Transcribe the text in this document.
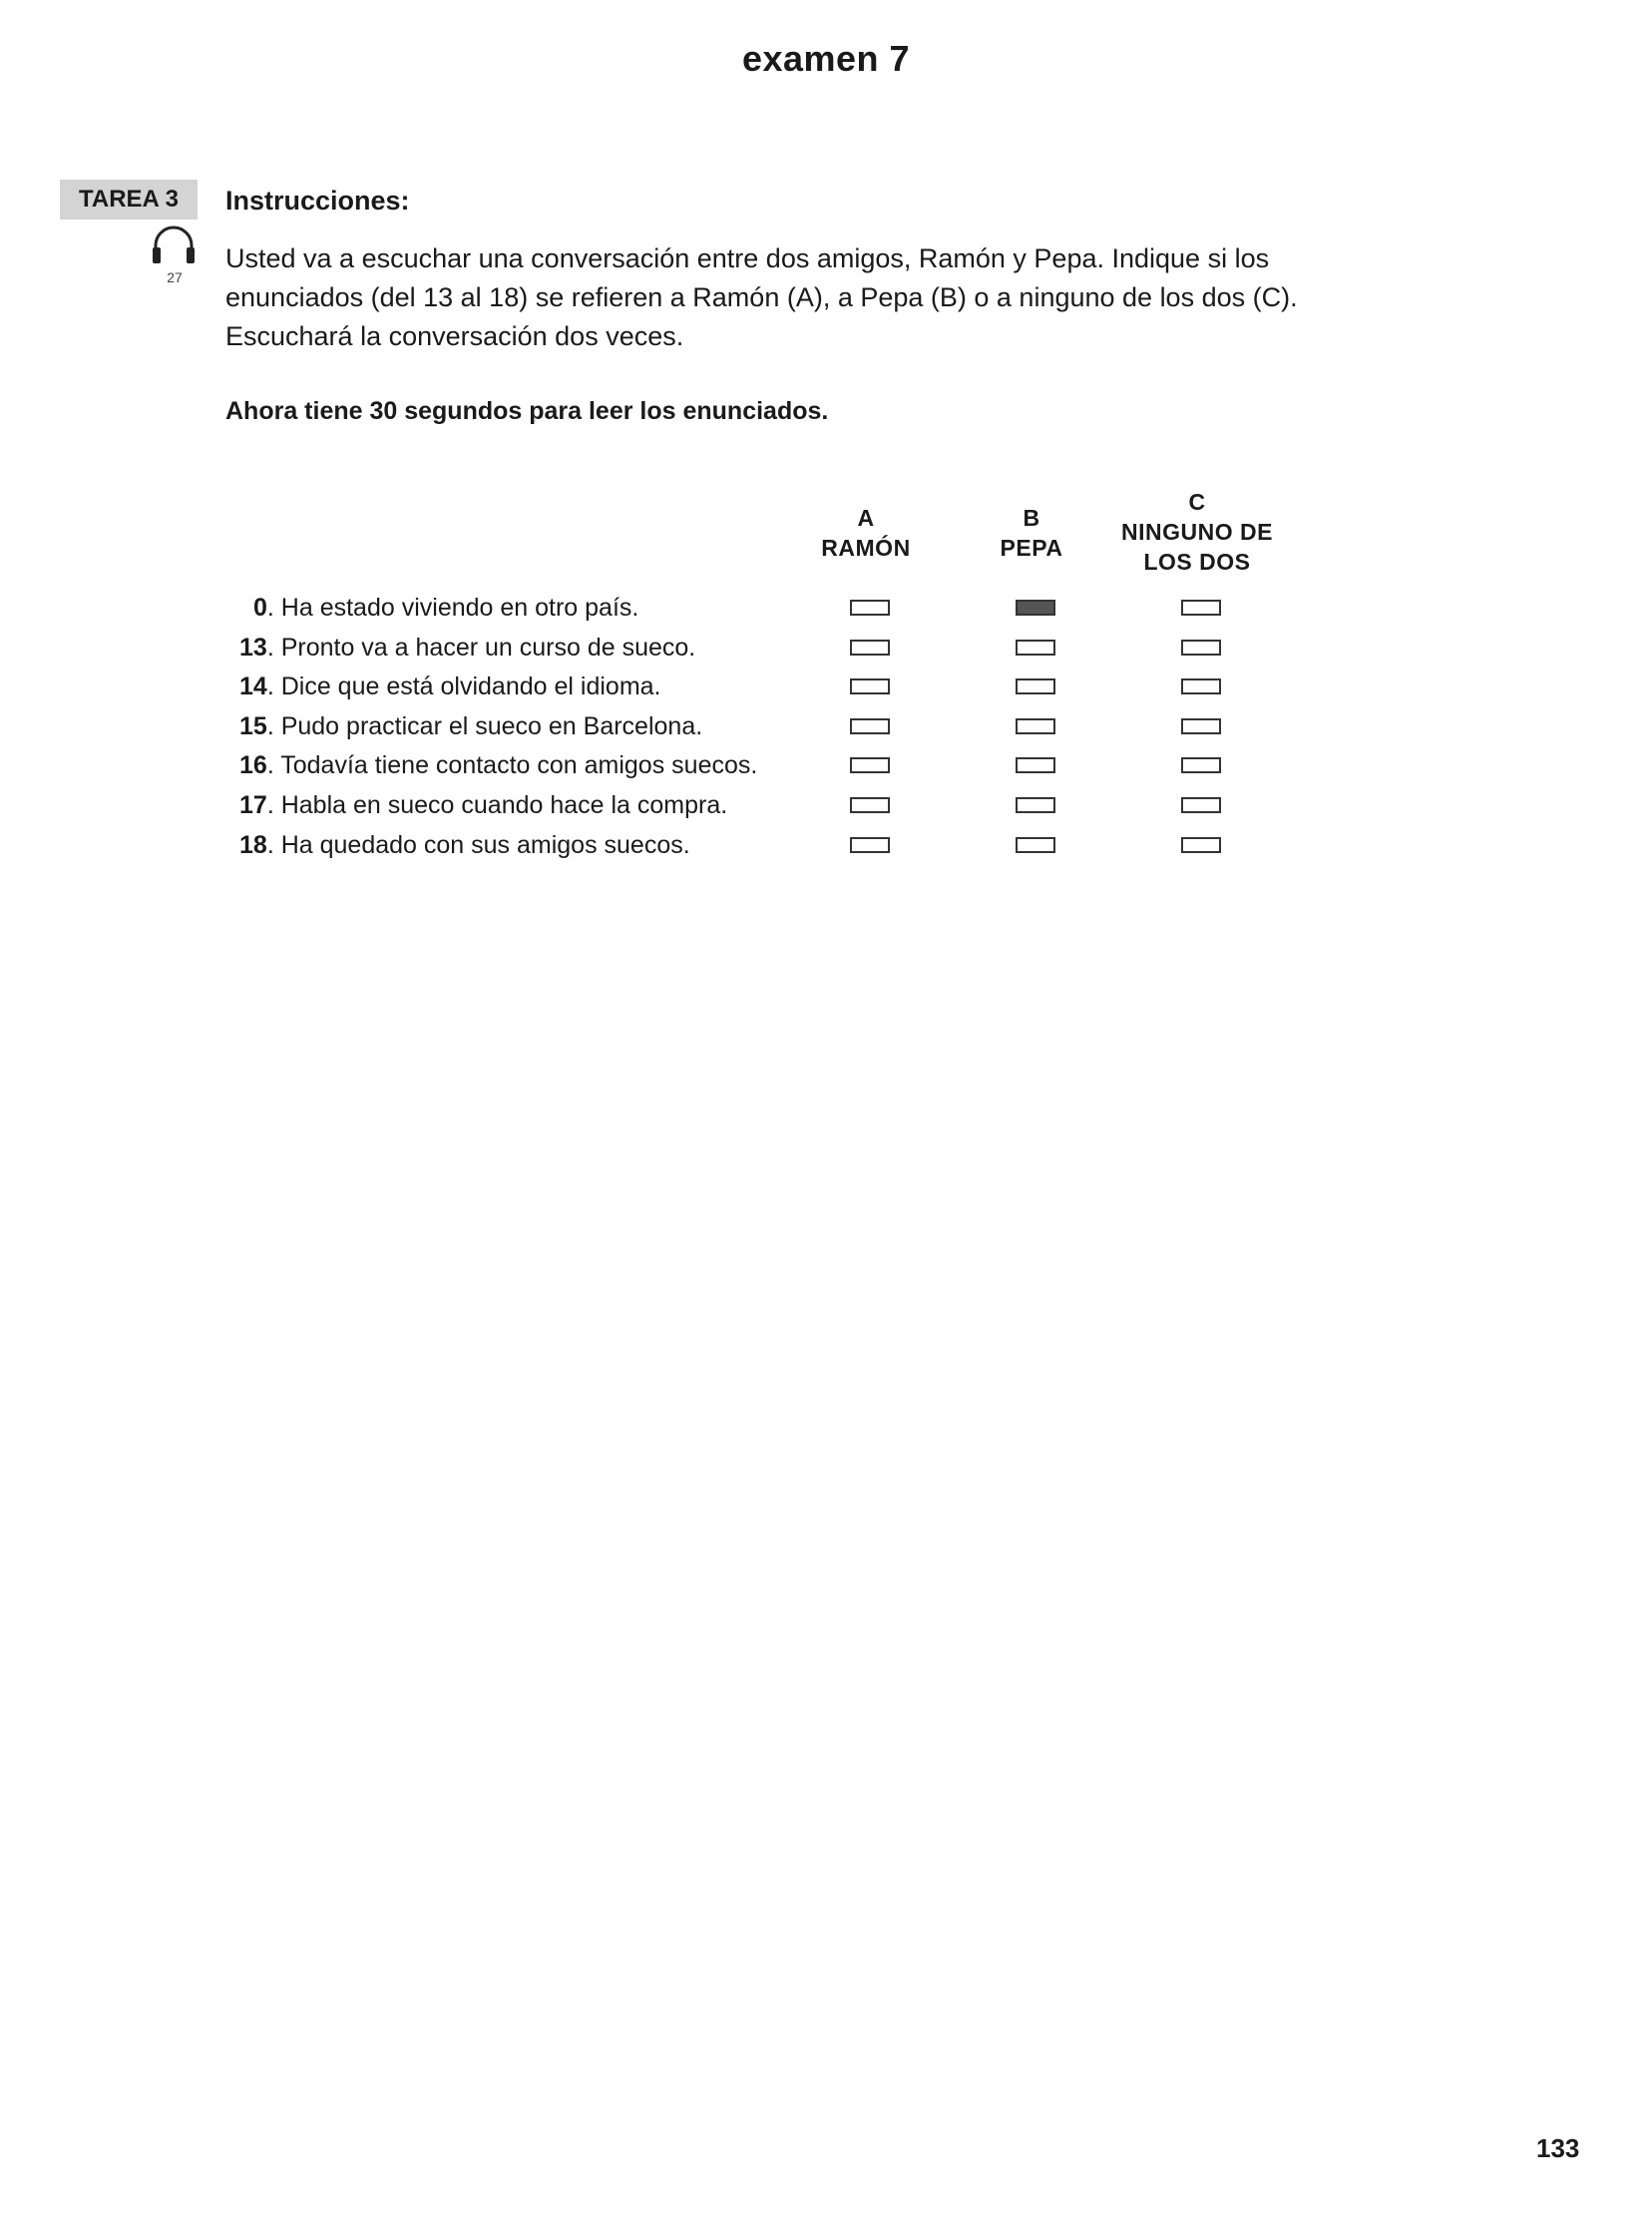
examen 7
TAREA 3
27
Instrucciones:

Usted va a escuchar una conversación entre dos amigos, Ramón y Pepa. Indique si los

enunciados (del 13 al 18) se refieren a Ramón (A), a Pepa (B) o a ninguno de los dos (C).

Escuchará la conversación dos veces.

Ahora tiene 30 segundos para leer los enunciados.
A
RAMÓN
B
PEPA
C
NINGUNO DE
LOS DOS
0. Ha estado viviendo en otro país.
13. Pronto va a hacer un curso de sueco.
14. Dice que está olvidando el idioma.
15. Pudo practicar el sueco en Barcelona.
16. Todavía tiene contacto con amigos suecos.
17. Habla en sueco cuando hace la compra.
18. Ha quedado con sus amigos suecos.
133
